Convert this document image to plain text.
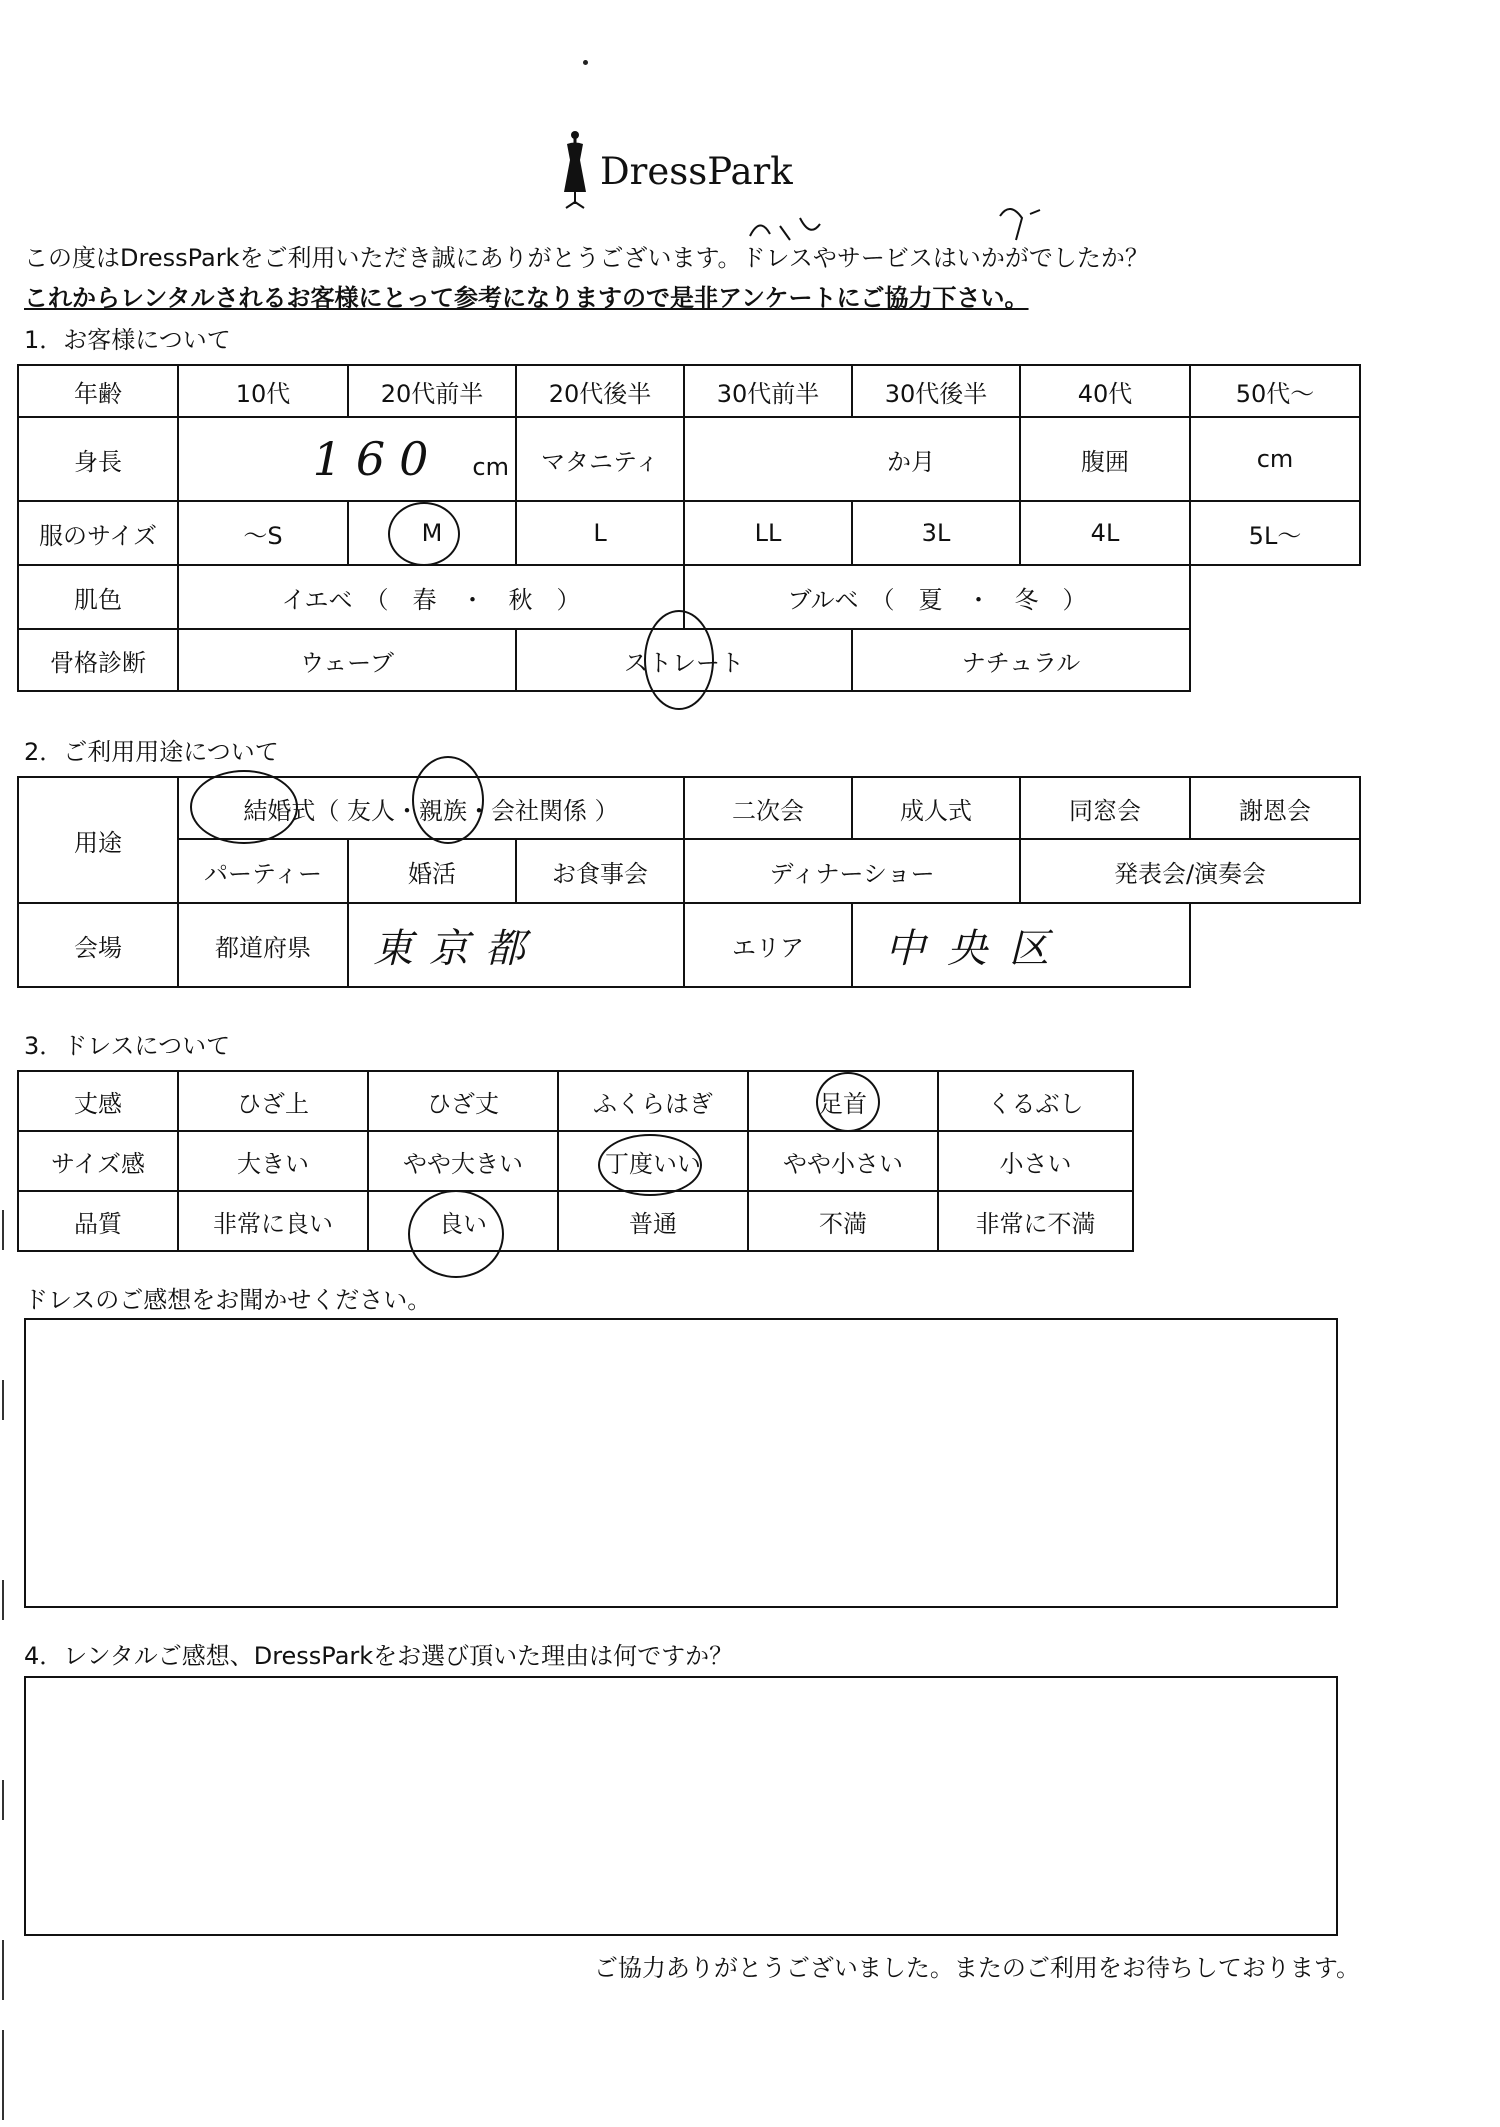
DressPark
この度はDressParkをご利用いただき誠にありがとうございます。ドレスやサービスはいかがでしたか？
これからレンタルされるお客様にとって参考になりますので是非アンケートにご協力下さい。
1．お客様について
年齢	10代	20代前半	20代後半	30代前半	30代後半	40代	50代〜
身長	160 cm		マタニティ	か月		腹囲	cm
服のサイズ	〜S	M	L	LL	3L	4L	5L〜
肌色	イエベ　（　春　・　秋　）			ブルベ　（　夏　・　冬　）			
骨格診断	ウェーブ		ストレート		ナチュラル		
2．ご利用用途について
用途	結婚式（ 友人・親族・会社関係 ）			二次会	成人式	同窓会	謝恩会
	パーティー	婚活	お食事会	ディナーショー		発表会/演奏会	
会場	都道府県	東京都		エリア	中央区		
3．ドレスについて
丈感	ひざ上	ひざ丈	ふくらはぎ	足首	くるぶし
サイズ感	大きい	やや大きい	丁度いい	やや小さい	小さい
品質	非常に良い	良い	普通	不満	非常に不満
ドレスのご感想をお聞かせください。
4．レンタルご感想、DressParkをお選び頂いた理由は何ですか？
ご協力ありがとうございました。またのご利用をお待ちしております。
